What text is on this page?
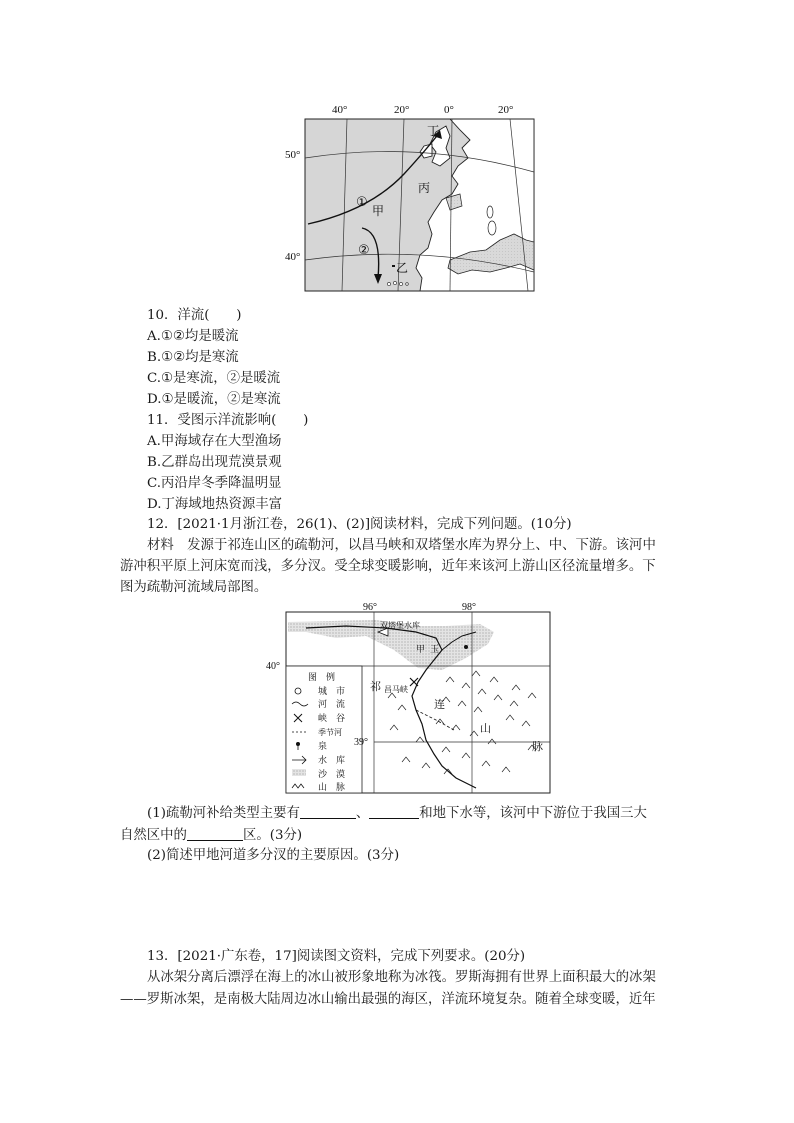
40°	20°	0°	20°
50°
40°
丁
丙
甲
乙
①
②
10．洋流(　　)
A.①②均是暖流
B.①②均是寒流
C.①是寒流，②是暖流
D.①是暖流，②是寒流
11．受图示洋流影响(　　)
A.甲海域存在大型渔场
B.乙群岛出现荒漠景观
C.丙沿岸冬季降温明显
D.丁海域地热资源丰富
12．[2021·1月浙江卷，26(1)、(2)]阅读材料，完成下列问题。(10分)
材料　发源于祁连山区的疏勒河，以昌马峡和双塔堡水库为界分上、中、下游。该河中
游冲积平原上河床宽而浅，多分汊。受全球变暖影响，近年来该河上游山区径流量增多。下
图为疏勒河流域局部图。
图　例
城　市
河　流
峡　谷
季节河
泉
水　库
沙　漠
山　脉
96°	98°
40°
39°
双塔堡水库
甲 玉
昌马峡
祁
连
山
脉
(1)疏勒河补给类型主要有	、	和地下水等，该河中下游位于我国三大
自然区中的	区。(3分)
(2)简述甲地河道多分汊的主要原因。(3分)
13．[2021·广东卷，17]阅读图文资料，完成下列要求。(20分)
从冰架分离后漂浮在海上的冰山被形象地称为冰筏。罗斯海拥有世界上面积最大的冰架
——罗斯冰架，是南极大陆周边冰山输出最强的海区，洋流环境复杂。随着全球变暖，近年
